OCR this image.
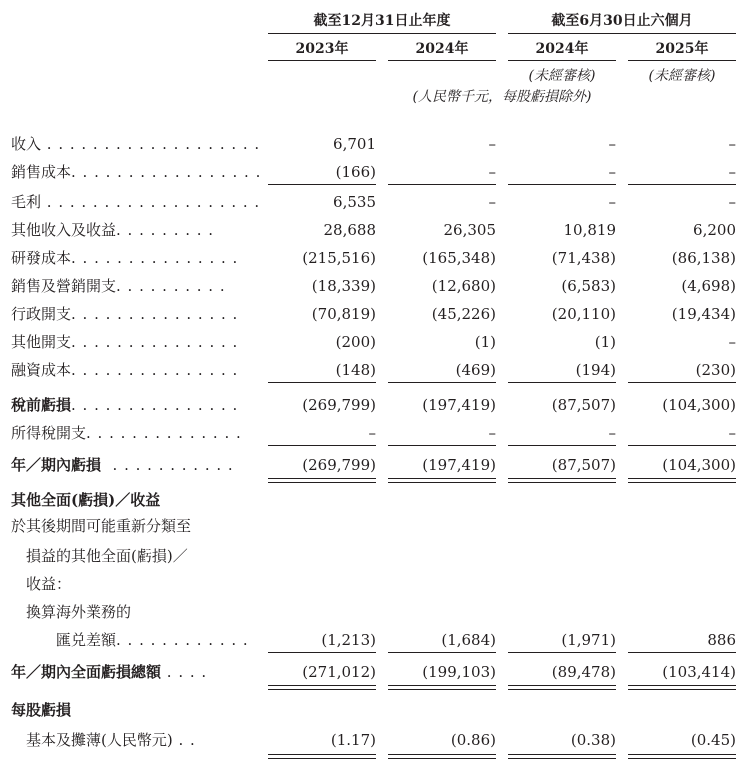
截至12月31日止年度	截至6月30日止六個月
2023年	2024年	2024年	2025年
(未經審核)	(未經審核)
(人民幣千元，每股虧損除外)
收入 . . . . . . . . . . . . . . . . . . .	6,701	–	–	–
銷售成本. . . . . . . . . . . . . . . . .	(166)	–	–	–
毛利 . . . . . . . . . . . . . . . . . . .	6,535	–	–	–
其他收入及收益. . . . . . . . .	28,688	26,305	10,819	6,200
研發成本. . . . . . . . . . . . . . .	(215,516)	(165,348)	(71,438)	(86,138)
銷售及營銷開支. . . . . . . . . .	(18,339)	(12,680)	(6,583)	(4,698)
行政開支. . . . . . . . . . . . . . .	(70,819)	(45,226)	(20,110)	(19,434)
其他開支. . . . . . . . . . . . . . .	(200)	(1)	(1)	–
融資成本. . . . . . . . . . . . . . .	(148)	(469)	(194)	(230)
稅前虧損. . . . . . . . . . . . . . .	(269,799)	(197,419)	(87,507)	(104,300)
所得稅開支. . . . . . . . . . . . . .	–	–	–	–
年／期內虧損  . . . . . . . . . . .	(269,799)	(197,419)	(87,507)	(104,300)
其他全面(虧損)／收益
於其後期間可能重新分類至
損益的其他全面(虧損)／
收益：
換算海外業務的
匯兑差額. . . . . . . . . . . .	(1,213)	(1,684)	(1,971)	886
年／期內全面虧損總額 . . . .	(271,012)	(199,103)	(89,478)	(103,414)
每股虧損
基本及攤薄(人民幣元) . .	(1.17)	(0.86)	(0.38)	(0.45)
